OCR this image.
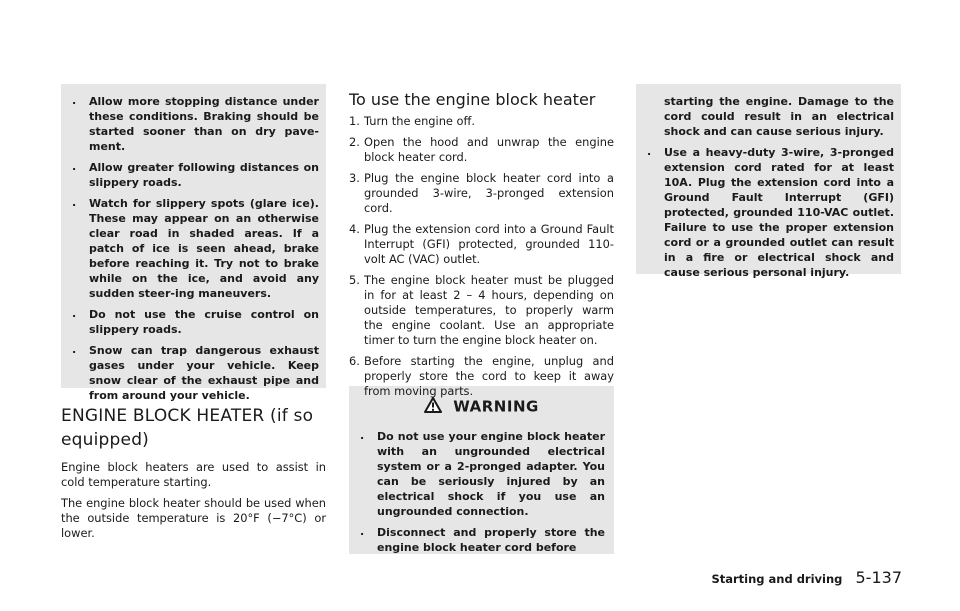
. Allow more stopping distance under these conditions. Braking should be started sooner than on dry pave-ment.
. Allow greater following distances on slippery roads.
. Watch for slippery spots (glare ice). These may appear on an otherwise clear road in shaded areas. If a patch of ice is seen ahead, brake before reaching it. Try not to brake while on the ice, and avoid any sudden steer-ing maneuvers.
. Do not use the cruise control on slippery roads.
. Snow can trap dangerous exhaust gases under your vehicle. Keep snow clear of the exhaust pipe and from around your vehicle.
ENGINE BLOCK HEATER (if so equipped)

Engine block heaters are used to assist in cold temperature starting.

The engine block heater should be used when the outside temperature is 20°F (−7°C) or lower.

To use the engine block heater
1. Turn the engine off.
2. Open the hood and unwrap the engine block heater cord.
3. Plug the engine block heater cord into a grounded 3-wire, 3-pronged extension cord.
4. Plug the extension cord into a Ground Fault Interrupt (GFI) protected, grounded 110-volt AC (VAC) outlet.
5. The engine block heater must be plugged in for at least 2 – 4 hours, depending on outside temperatures, to properly warm the engine coolant. Use an appropriate timer to turn the engine block heater on.
6. Before starting the engine, unplug and properly store the cord to keep it away from moving parts.
WARNING
. Do not use your engine block heater with an ungrounded electrical system or a 2-pronged adapter. You can be seriously injured by an electrical shock if you use an ungrounded connection.
. Disconnect and properly store the engine block heater cord before

starting the engine. Damage to the cord could result in an electrical shock and can cause serious injury.

. Use a heavy-duty 3-wire, 3-pronged extension cord rated for at least 10A. Plug the extension cord into a Ground Fault Interrupt (GFI) protected, grounded 110-VAC outlet. Failure to use the proper extension cord or a grounded outlet can result in a fire or electrical shock and cause serious personal injury.
Starting and driving 5-137
